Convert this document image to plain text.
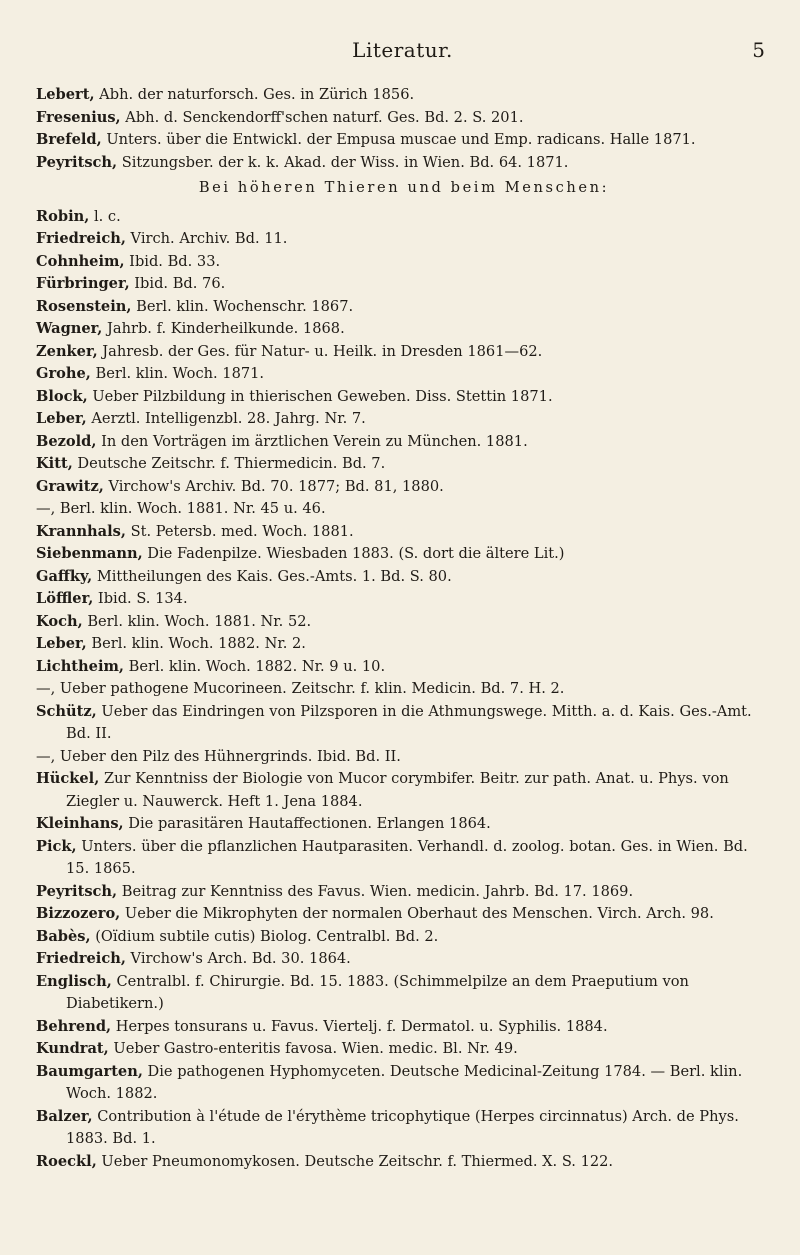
Literatur.	5

Lebert, Abh. der naturforsch. Ges. in Zürich 1856.

Fresenius, Abh. d. Senckendorff'schen naturf. Ges. Bd. 2. S. 201.

Brefeld, Unters. über die Entwickl. der Empusa muscae und Emp. radicans. Halle 1871.

Peyritsch, Sitzungsber. der k. k. Akad. der Wiss. in Wien. Bd. 64. 1871.

Bei höheren Thieren und beim Menschen:

Robin, l. c.

Friedreich, Virch. Archiv. Bd. 11.

Cohnheim, Ibid. Bd. 33.

Fürbringer, Ibid. Bd. 76.

Rosenstein, Berl. klin. Wochenschr. 1867.

Wagner, Jahrb. f. Kinderheilkunde. 1868.

Zenker, Jahresb. der Ges. für Natur- u. Heilk. in Dresden 1861—62.

Grohe, Berl. klin. Woch. 1871.

Block, Ueber Pilzbildung in thierischen Geweben. Diss. Stettin 1871.

Leber, Aerztl. Intelligenzbl. 28. Jahrg. Nr. 7.

Bezold, In den Vorträgen im ärztlichen Verein zu München. 1881.

Kitt, Deutsche Zeitschr. f. Thiermedicin. Bd. 7.

Grawitz, Virchow's Archiv. Bd. 70. 1877; Bd. 81, 1880.

—, Berl. klin. Woch. 1881. Nr. 45 u. 46.

Krannhals, St. Petersb. med. Woch. 1881.

Siebenmann, Die Fadenpilze. Wiesbaden 1883. (S. dort die ältere Lit.)

Gaffky, Mittheilungen des Kais. Ges.-Amts. 1. Bd. S. 80.

Löffler, Ibid. S. 134.

Koch, Berl. klin. Woch. 1881. Nr. 52.

Leber, Berl. klin. Woch. 1882. Nr. 2.

Lichtheim, Berl. klin. Woch. 1882. Nr. 9 u. 10.

—, Ueber pathogene Mucorineen. Zeitschr. f. klin. Medicin. Bd. 7. H. 2.

Schütz, Ueber das Eindringen von Pilzsporen in die Athmungswege. Mitth. a. d. Kais. Ges.-Amt. Bd. II.

—, Ueber den Pilz des Hühnergrinds. Ibid. Bd. II.

Hückel, Zur Kenntniss der Biologie von Mucor corymbifer. Beitr. zur path. Anat. u. Phys. von Ziegler u. Nauwerck. Heft 1. Jena 1884.

Kleinhans, Die parasitären Hautaffectionen. Erlangen 1864.

Pick, Unters. über die pflanzlichen Hautparasiten. Verhandl. d. zoolog. botan. Ges. in Wien. Bd. 15. 1865.

Peyritsch, Beitrag zur Kenntniss des Favus. Wien. medicin. Jahrb. Bd. 17. 1869.

Bizzozero, Ueber die Mikrophyten der normalen Oberhaut des Menschen. Virch. Arch. 98.

Babès, (Oïdium subtile cutis) Biolog. Centralbl. Bd. 2.

Friedreich, Virchow's Arch. Bd. 30. 1864.

Englisch, Centralbl. f. Chirurgie. Bd. 15. 1883. (Schimmelpilze an dem Praeputium von Diabetikern.)

Behrend, Herpes tonsurans u. Favus. Viertelj. f. Dermatol. u. Syphilis. 1884.

Kundrat, Ueber Gastro-enteritis favosa. Wien. medic. Bl. Nr. 49.

Baumgarten, Die pathogenen Hyphomyceten. Deutsche Medicinal-Zeitung 1784. — Berl. klin. Woch. 1882.

Balzer, Contribution à l'étude de l'érythème tricophytique (Herpes circinnatus) Arch. de Phys. 1883. Bd. 1.

Roeckl, Ueber Pneumonomykosen. Deutsche Zeitschr. f. Thiermed. X. S. 122.
